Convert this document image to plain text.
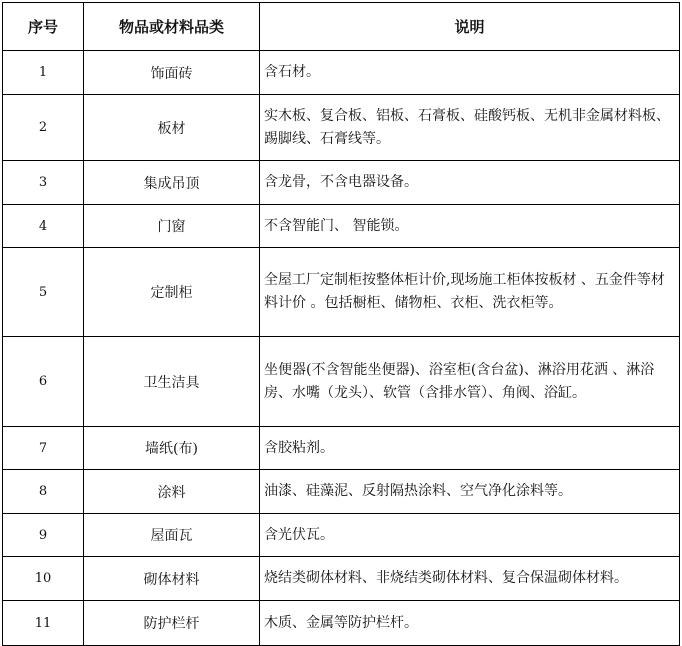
序号	物品或材料品类	说明
1	饰面砖	含石材。
2	板材	实木板、复合板、铝板、石膏板、硅酸钙板、无机非金属材料板、踢脚线、石膏线等。
3	集成吊顶	含龙骨，不含电器设备。
4	门窗	不含智能门、 智能锁。
5	定制柜	全屋工厂定制柜按整体柜计价,现场施工柜体按板材 、五金件等材料计价 。包括橱柜、储物柜、衣柜、洗衣柜等。
6	卫生洁具	坐便器(不含智能坐便器)、浴室柜(含台盆)、淋浴用花洒 、淋浴房、水嘴（龙头）、软管（含排水管）、角阀、浴缸。
7	墙纸(布)	含胶粘剂。
8	涂料	油漆、硅藻泥、反射隔热涂料、空气净化涂料等。
9	屋面瓦	含光伏瓦。
10	砌体材料	烧结类砌体材料、非烧结类砌体材料、复合保温砌体材料。
11	防护栏杆	木质、金属等防护栏杆。
